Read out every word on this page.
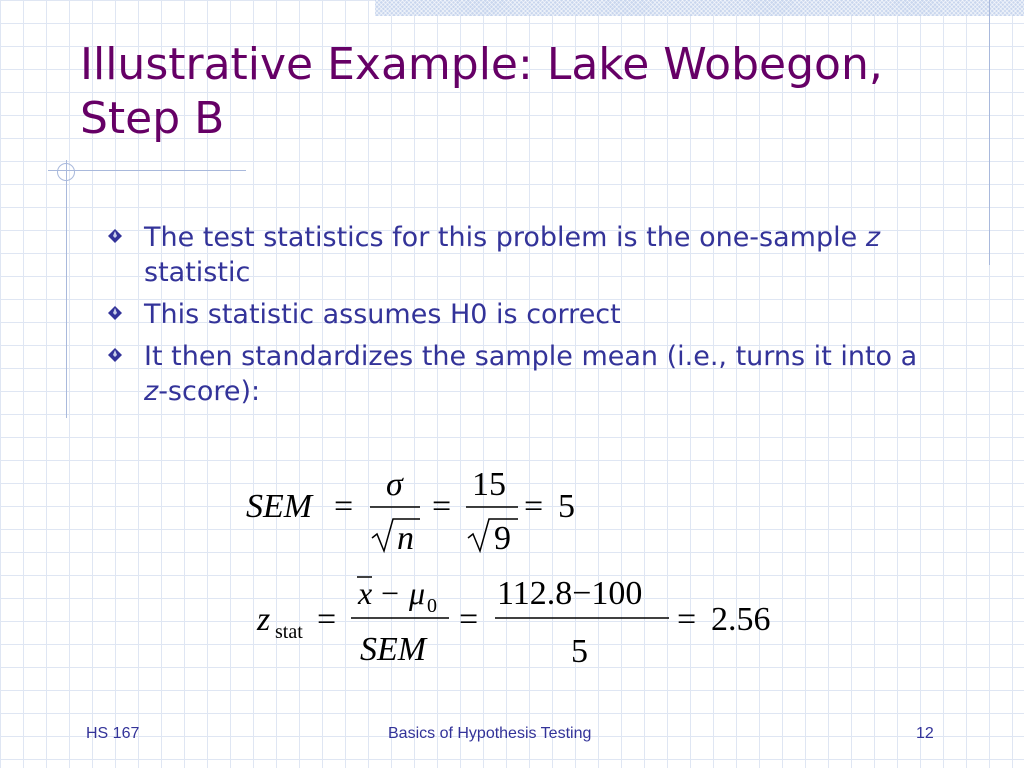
Illustrative Example: Lake Wobegon,
Step B
The test statistics for this problem is the one-sample z statistic
This statistic assumes H0 is correct
It then standardizes the sample mean (i.e., turns it into a z-score):
SEM =
σ
n
=
15
9
= 5
z stat =
x − μ 0
SEM
=
112.8−100
5
= 2.56
HS 167	Basics of Hypothesis Testing	12
